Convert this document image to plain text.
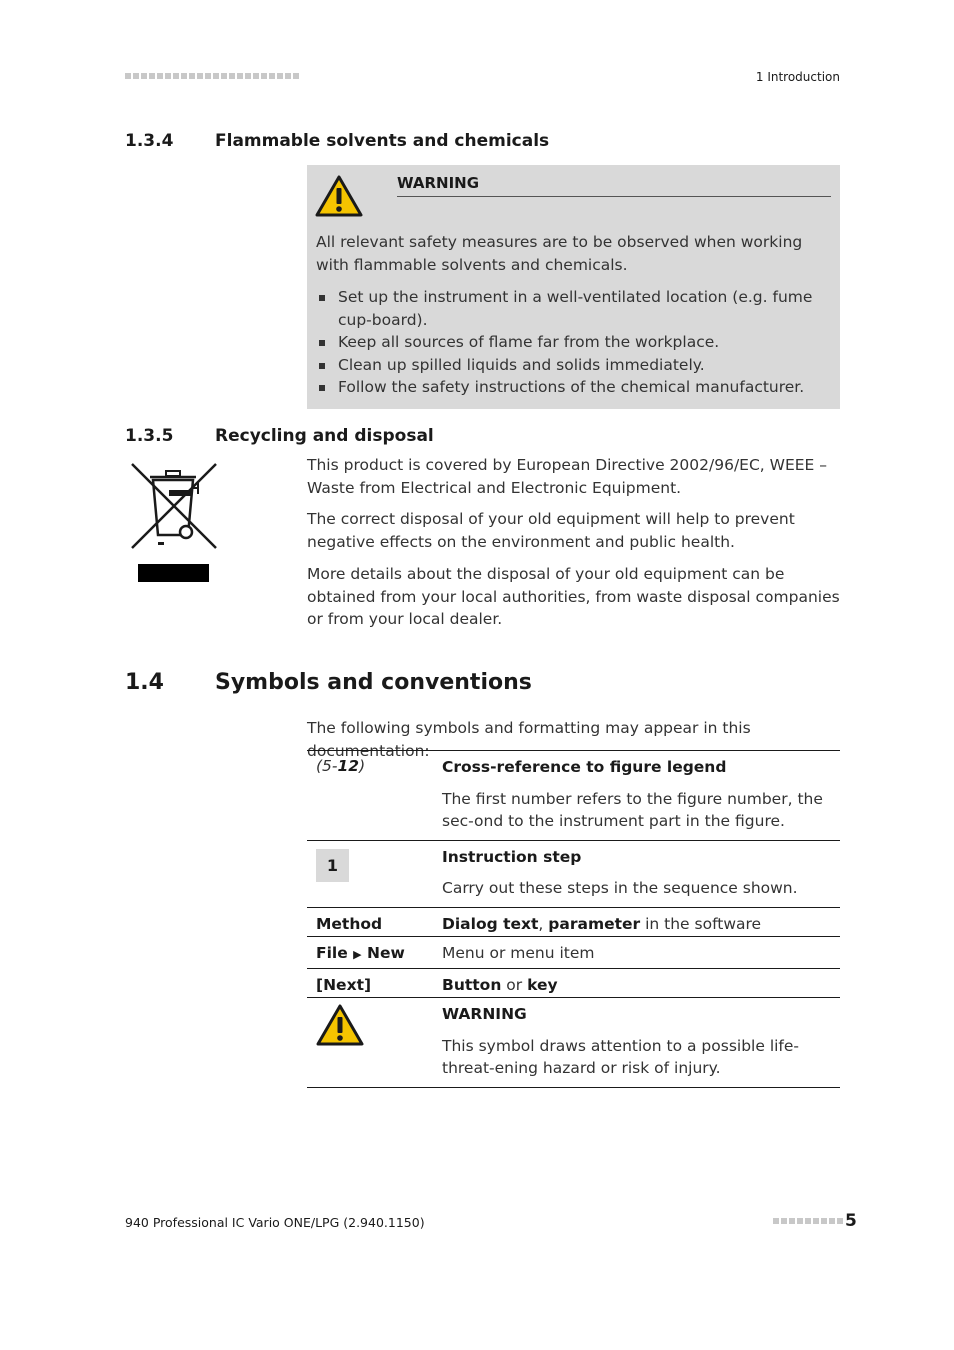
1 Introduction
1.3.4 Flammable solvents and chemicals
WARNING
All relevant safety measures are to be observed when working with flammable solvents and chemicals.
Set up the instrument in a well-ventilated location (e.g. fume cup-board).
Keep all sources of flame far from the workplace.
Clean up spilled liquids and solids immediately.
Follow the safety instructions of the chemical manufacturer.
1.3.5 Recycling and disposal
This product is covered by European Directive 2002/96/EC, WEEE – Waste from Electrical and Electronic Equipment.
The correct disposal of your old equipment will help to prevent negative effects on the environment and public health.
More details about the disposal of your old equipment can be obtained from your local authorities, from waste disposal companies or from your local dealer.
1.4 Symbols and conventions
The following symbols and formatting may appear in this documentation:
(5-12)	Cross-reference to figure legend
The first number refers to the figure number, the sec-ond to the instrument part in the figure.

1	Instruction step
Carry out these steps in the sequence shown.

Method	Dialog text, parameter in the software
File ▶ New	Menu or menu item
[Next]	Button or key

WARNING
This symbol draws attention to a possible life-threat-ening hazard or risk of injury.
940 Professional IC Vario ONE/LPG (2.940.1150)	5
